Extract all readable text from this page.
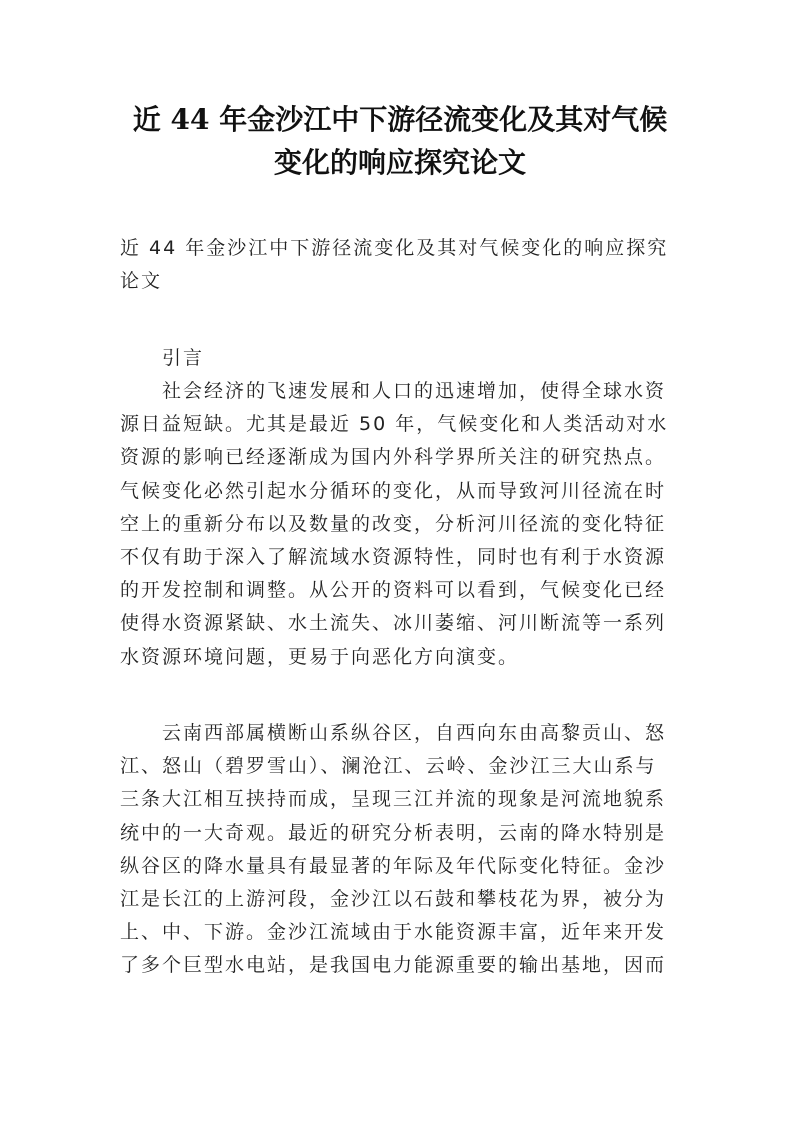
近 44 年金沙江中下游径流变化及其对气候
变化的响应探究论文

近 44 年金沙江中下游径流变化及其对气候变化的响应探究
论文

引言

社会经济的飞速发展和人口的迅速增加，使得全球水资
源日益短缺。尤其是最近 50 年，气候变化和人类活动对水
资源的影响已经逐渐成为国内外科学界所关注的研究热点。
气候变化必然引起水分循环的变化，从而导致河川径流在时
空上的重新分布以及数量的改变，分析河川径流的变化特征
不仅有助于深入了解流域水资源特性，同时也有利于水资源
的开发控制和调整。从公开的资料可以看到，气候变化已经
使得水资源紧缺、水土流失、冰川萎缩、河川断流等一系列
水资源环境问题，更易于向恶化方向演变。

云南西部属横断山系纵谷区，自西向东由高黎贡山、怒
江、怒山（碧罗雪山）、澜沧江、云岭、金沙江三大山系与
三条大江相互挟持而成，呈现三江并流的现象是河流地貌系
统中的一大奇观。最近的研究分析表明，云南的降水特别是
纵谷区的降水量具有最显著的年际及年代际变化特征。金沙
江是长江的上游河段，金沙江以石鼓和攀枝花为界，被分为
上、中、下游。金沙江流域由于水能资源丰富，近年来开发
了多个巨型水电站，是我国电力能源重要的输出基地，因而
